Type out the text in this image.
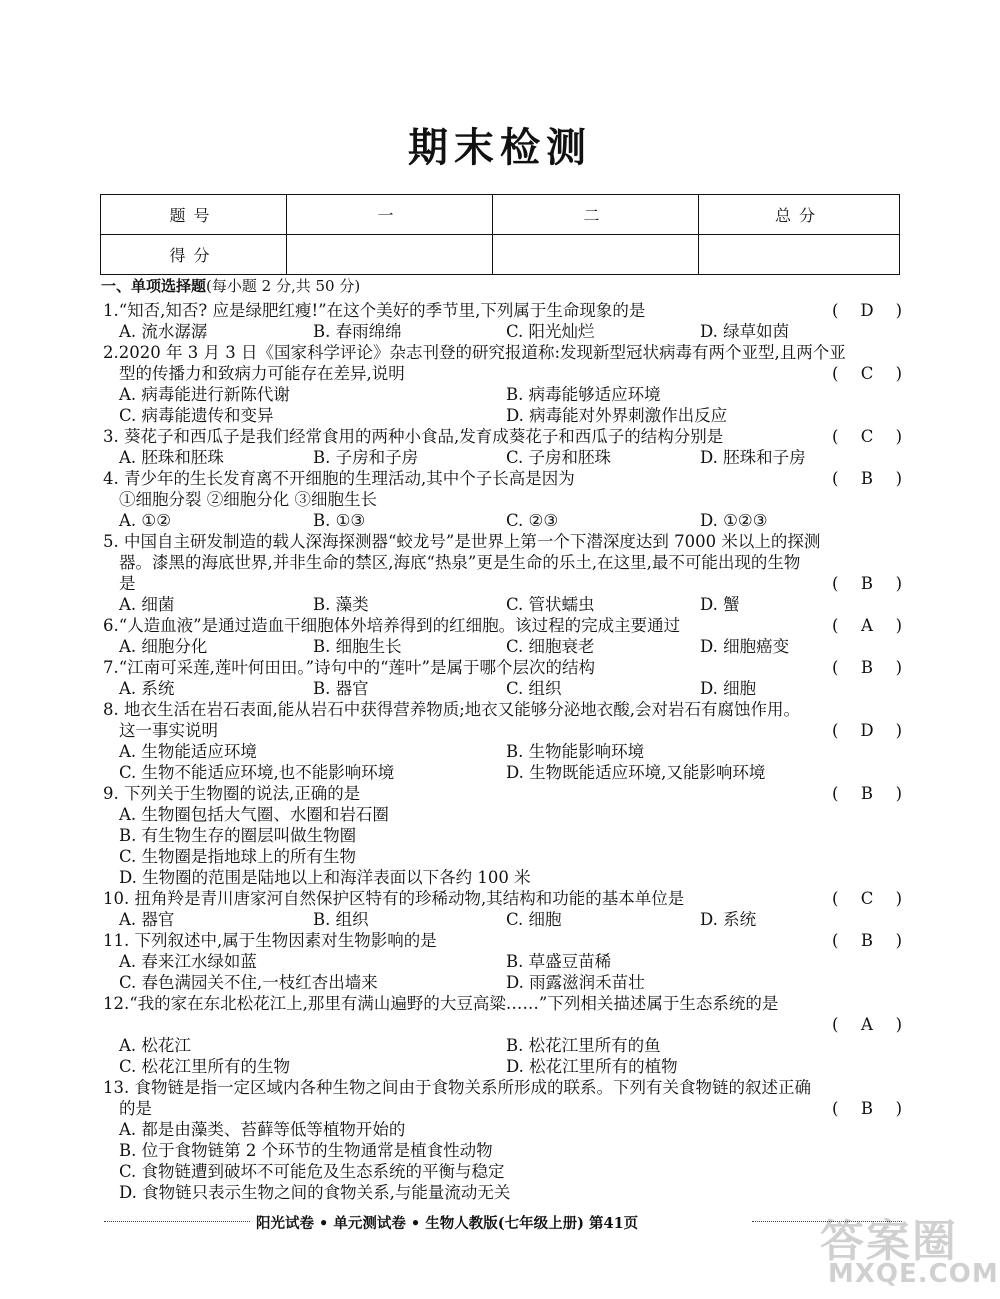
期末检测
题号	一	二	总分
得分			
一、单项选择题(每小题 2 分,共 50 分)
1.“知否,知否? 应是绿肥红瘦!”在这个美好的季节里,下列属于生命现象的是	(	D	)
A. 流水潺潺	B. 春雨绵绵	C. 阳光灿烂	D. 绿草如茵
2.2020 年 3 月 3 日《国家科学评论》杂志刊登的研究报道称:发现新型冠状病毒有两个亚型,且两个亚
型的传播力和致病力可能存在差异,说明	(	C	)
A. 病毒能进行新陈代谢	B. 病毒能够适应环境
C. 病毒能遗传和变异	D. 病毒能对外界刺激作出反应
3. 葵花子和西瓜子是我们经常食用的两种小食品,发育成葵花子和西瓜子的结构分别是	(	C	)
A. 胚珠和胚珠	B. 子房和子房	C. 子房和胚珠	D. 胚珠和子房
4. 青少年的生长发育离不开细胞的生理活动,其中个子长高是因为	(	B	)
①细胞分裂 ②细胞分化 ③细胞生长
A. ①②	B. ①③	C. ②③	D. ①②③
5. 中国自主研发制造的载人深海探测器“蛟龙号”是世界上第一个下潜深度达到 7000 米以上的探测
器。漆黑的海底世界,并非生命的禁区,海底“热泉”更是生命的乐土,在这里,最不可能出现的生物
是	(	B	)
A. 细菌	B. 藻类	C. 管状蠕虫	D. 蟹
6.“人造血液”是通过造血干细胞体外培养得到的红细胞。该过程的完成主要通过	(	A	)
A. 细胞分化	B. 细胞生长	C. 细胞衰老	D. 细胞癌变
7.“江南可采莲,莲叶何田田。”诗句中的“莲叶”是属于哪个层次的结构	(	B	)
A. 系统	B. 器官	C. 组织	D. 细胞
8. 地衣生活在岩石表面,能从岩石中获得营养物质;地衣又能够分泌地衣酸,会对岩石有腐蚀作用。
这一事实说明	(	D	)
A. 生物能适应环境	B. 生物能影响环境
C. 生物不能适应环境,也不能影响环境	D. 生物既能适应环境,又能影响环境
9. 下列关于生物圈的说法,正确的是	(	B	)
A. 生物圈包括大气圈、水圈和岩石圈
B. 有生物生存的圈层叫做生物圈
C. 生物圈是指地球上的所有生物
D. 生物圈的范围是陆地以上和海洋表面以下各约 100 米
10. 扭角羚是青川唐家河自然保护区特有的珍稀动物,其结构和功能的基本单位是	(	C	)
A. 器官	B. 组织	C. 细胞	D. 系统
11. 下列叙述中,属于生物因素对生物影响的是	(	B	)
A. 春来江水绿如蓝	B. 草盛豆苗稀
C. 春色满园关不住,一枝红杏出墙来	D. 雨露滋润禾苗壮
12.“我的家在东北松花江上,那里有满山遍野的大豆高粱……”下列相关描述属于生态系统的是
(	A	)
A. 松花江	B. 松花江里所有的鱼
C. 松花江里所有的生物	D. 松花江里所有的植物
13. 食物链是指一定区域内各种生物之间由于食物关系所形成的联系。下列有关食物链的叙述正确
的是	(	B	)
A. 都是由藻类、苔藓等低等植物开始的
B. 位于食物链第 2 个环节的生物通常是植食性动物
C. 食物链遭到破坏不可能危及生态系统的平衡与稳定
D. 食物链只表示生物之间的食物关系,与能量流动无关
阳光试卷 • 单元测试卷 • 生物人教版(七年级上册) 第41页	答案圈
MXQE.COM
